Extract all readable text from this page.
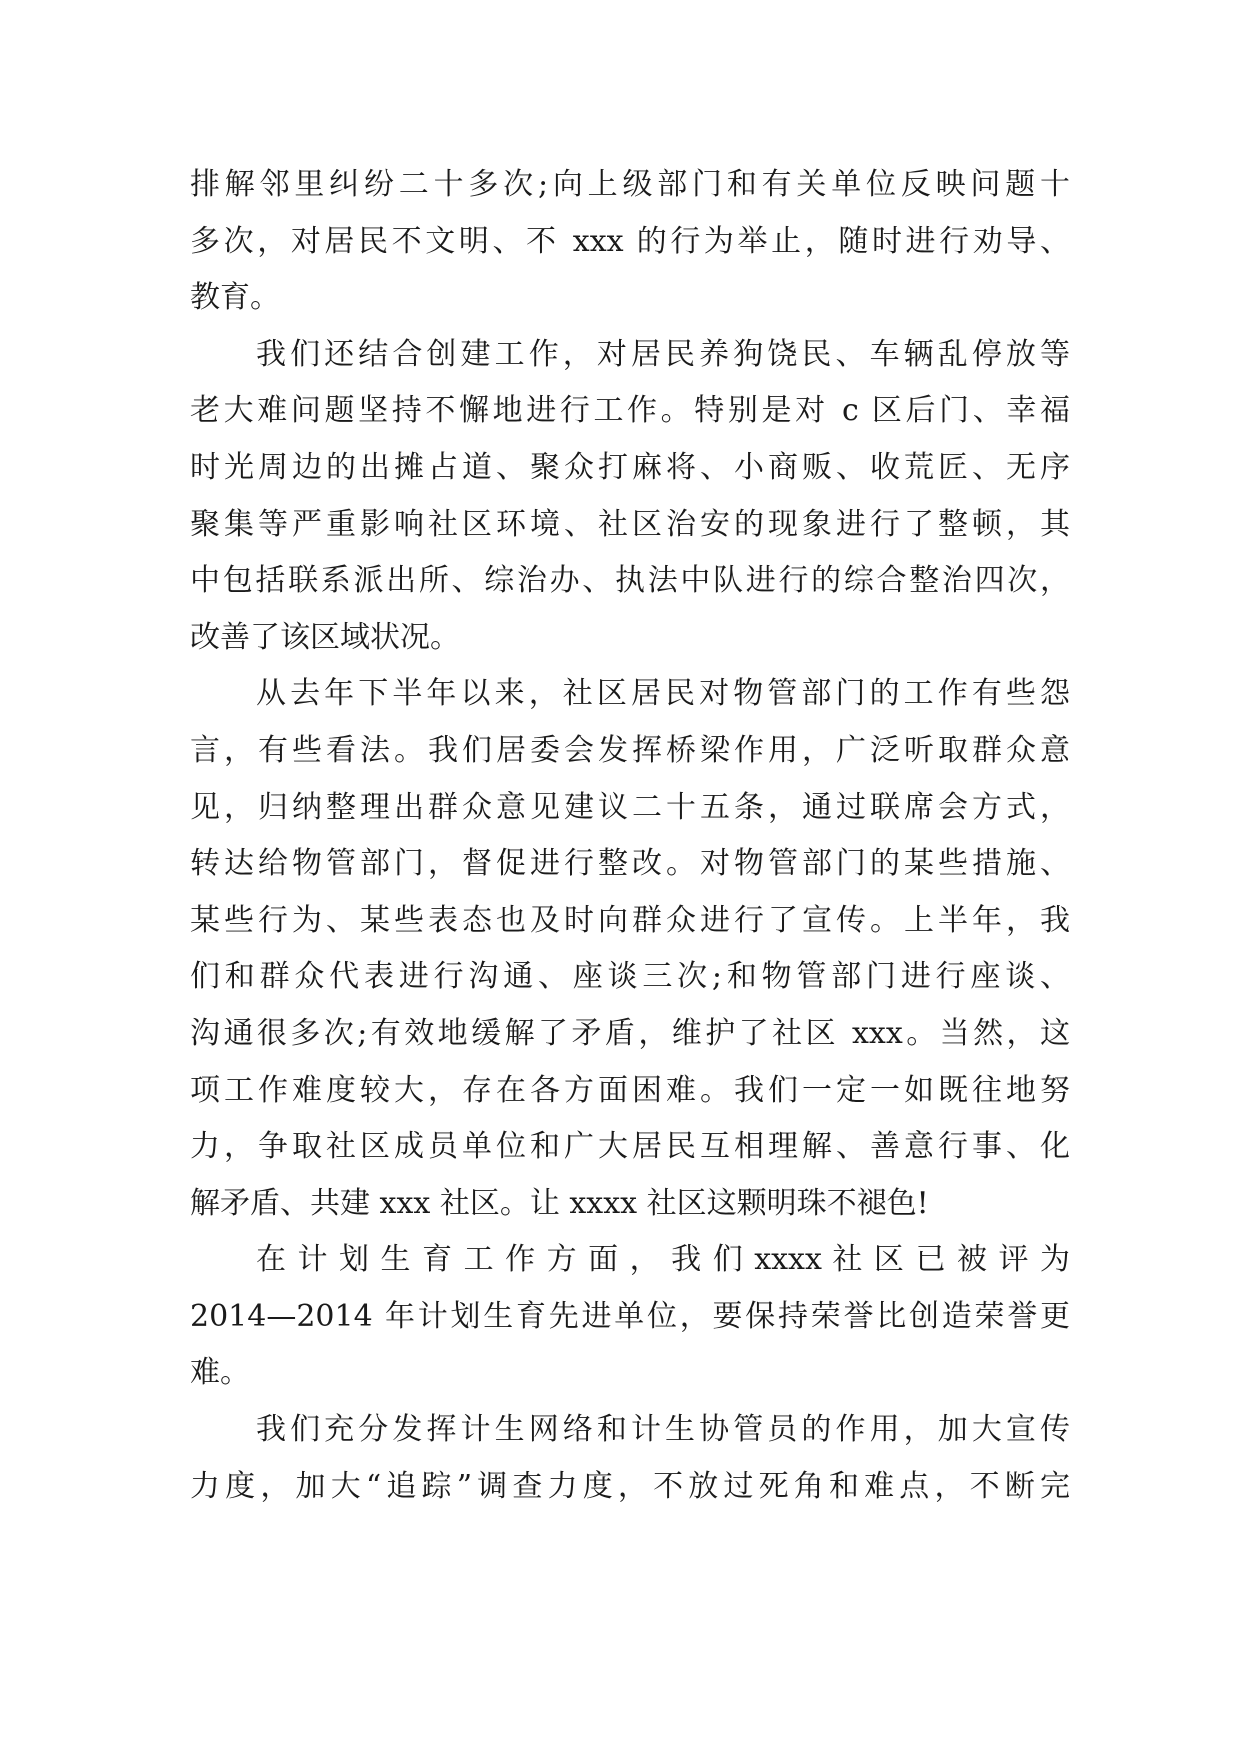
排解邻里纠纷二十多次;向上级部门和有关单位反映问题十
多次，对居民不文明、不 xxx 的行为举止，随时进行劝导、
教育。
我们还结合创建工作，对居民养狗饶民、车辆乱停放等
老大难问题坚持不懈地进行工作。特别是对 c 区后门、幸福
时光周边的出摊占道、聚众打麻将、小商贩、收荒匠、无序
聚集等严重影响社区环境、社区治安的现象进行了整顿，其
中包括联系派出所、综治办、执法中队进行的综合整治四次，
改善了该区域状况。
从去年下半年以来，社区居民对物管部门的工作有些怨
言，有些看法。我们居委会发挥桥梁作用，广泛听取群众意
见，归纳整理出群众意见建议二十五条，通过联席会方式，
转达给物管部门，督促进行整改。对物管部门的某些措施、
某些行为、某些表态也及时向群众进行了宣传。上半年，我
们和群众代表进行沟通、座谈三次;和物管部门进行座谈、
沟通很多次;有效地缓解了矛盾，维护了社区 xxx。当然，这
项工作难度较大，存在各方面困难。我们一定一如既往地努
力，争取社区成员单位和广大居民互相理解、善意行事、化
解矛盾、共建 xxx 社区。让 xxxx 社区这颗明珠不褪色!
在 计 划 生 育 工 作 方 面 ， 我 们 xxxx 社 区 已 被 评 为
2014—2014 年计划生育先进单位，要保持荣誉比创造荣誉更
难。
我们充分发挥计生网络和计生协管员的作用，加大宣传
力度，加大“追踪”调查力度，不放过死角和难点，不断完
